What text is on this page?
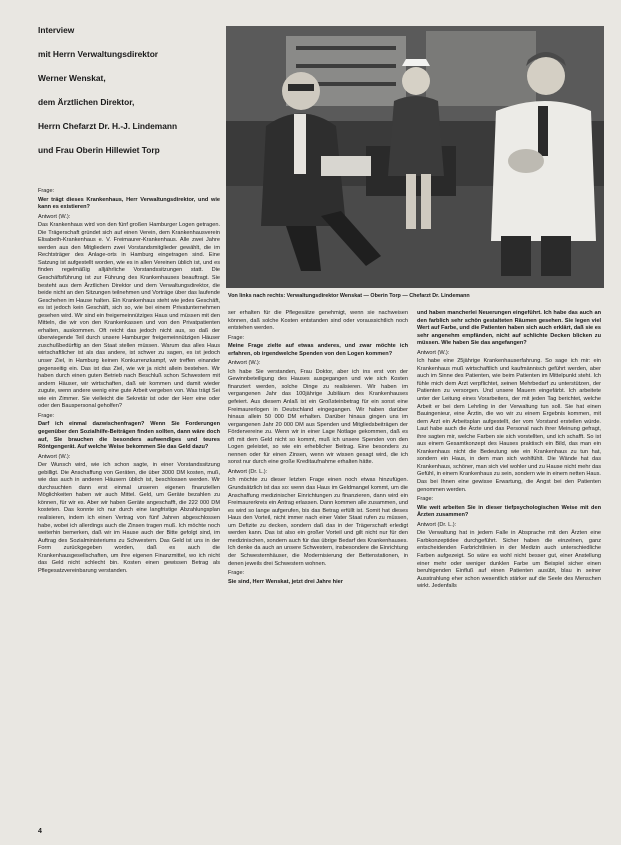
Interview
mit Herrn Verwaltungsdirektor
Werner Wenskat,
dem Ärztlichen Direktor,
Herrn Chefarzt Dr. H.-J. Lindemann
und Frau Oberin Hillewiet Torp
Von links nach rechts: Verwaltungsdirektor Wenskat — Oberin Torp — Chefarzt Dr. Lindemann

Frage:

Wer trägt dieses Krankenhaus, Herr Verwaltungsdirektor, und wie kann es existieren?

Antwort (W.):

Das Krankenhaus wird von den fünf großen Hamburger Logen getragen. Die Trägerschaft gründet sich auf einen Verein, dem Krankenhausverein Elisabeth-Krankenhaus e. V. Freimaurer-Krankenhaus. Alle zwei Jahre werden aus den Mitgliedern zwei Vorstandsmitglieder gewählt, die im Rechtsträger des Anlage-orts in Hamburg eingetragen sind. Eine Satzung ist aufgestellt worden, wie es in allen Vereinen üblich ist, und es finden regelmäßig alljährliche Vorstandssitzungen statt. Die Geschäftsführung ist zur Führung des Krankenhauses beauftragt. Sie besteht aus dem Ärztlichen Direktor und dem Verwaltungsdirektor, die beide nicht an den Sitzungen teilnehmen und Vorträge über das laufende Geschehen im Hause halten. Ein Krankenhaus steht wie jedes Geschäft, es ist jedoch kein Geschäft, sich so, wie bei einem Privatunternehmen gesehen wird. Wir sind ein freigemeinnütziges Haus und müssen mit den Mitteln, die wir von den Krankenkassen und von den Privatpatienten erhalten, auskommen. Oft reicht das jedoch nicht aus, so daß der überwiegende Teil durch unsere Hamburger freigemeinnützigen Häuser zuschußbedürftig an den Staat stellen müssen. Warum das alles Haus wirtschaftlicher ist als das andere, ist schwer zu sagen, es ist jedoch unser Ziel, in Hamburg keinen Konkurrenzkampf, wir treffen einander gegenseitig ein. Das ist das Ziel, wie wir ja nicht allein bestehen. Wir haben durch einen guten Betrieb nach Beschluß schon Schwestern mit andern Häuser, wir wirtschaften, daß wir kommen und damit wieder zugute, wenn andere wenig eine gute Arbeit vergeben von. Was trägt Sei wie ein Zimmer. Sie vielleicht die Sekretär ist oder der Herr eine oder oder den Bauspersonal geholfen?

Frage:

Darf ich einmal dazwischenfragen? Wenn Sie Forderungen gegenüber den Sozialhilfe-Beiträgen finden sollten, dann wäre doch auf, Sie brauchen die besonders aufwendiges und teures Röntgengerät. Auf welche Weise bekommen Sie das Geld dazu?

Antwort (W.):

Der Wunsch wird, wie ich schon sagte, in einer Vorstandssitzung gebilligt. Die Anschaffung von Geräten, die über 3000 DM kosten, muß, wie das auch in anderen Häusern üblich ist, beschlossen werden. Wir durchsuchten dann erst einmal unseren eigenen finanziellen Möglichkeiten haben wir auch Mittel. Geld, um Geräte bezahlen zu können, für wir es. Aber wir haben Geräte angeschafft, die 222 000 DM kosteten. Das konnte ich nur durch eine langfristige Abzahlungsplan realisieren, indem ich einen Vertrag von fünf Jahren abgeschlossen habe, wobei ich allerdings auch die Zinsen tragen muß. Ich möchte noch weiterhin bemerken, daß wir im Hause auch der Bitte gefolgt sind, im Auftrag des Sozialministeriums zu Schwestern. Das Geld ist uns in der Form zurückgegeben worden, daß es auch die Krankenhausgesellschaften, um ihre eigenen Finanzmittel, wo ich nicht das Geld nicht schlecht bin. Kosten einen gewissen Betrag als Pflegesatzvereinbarung verstanden.

ser erhalten für die Pflegesätze genehmigt, wenn sie nachweisen können, daß solche Kosten entstanden sind oder voraussichtlich noch entstehen werden.

Frage:

Meine Frage zielte auf etwas anderes, und zwar möchte ich erfahren, ob irgendwelche Spenden von den Logen kommen?

Antwort (W.):

Ich habe Sie verstanden, Frau Doktor, aber ich ins erst von der Gewinnbeteiligung des Hauses ausgegangen und wie sich Kosten finanziert werden, solche Dinge zu realisieren. Wir haben im vergangenen Jahr das 100jährige Jubiläum des Krankenhauses gefeiert. Aus diesem Anlaß ist ein Großsteinbetrag für ein sonst eine Freimaurerlogen in Deutschland eingegangen. Wir haben darüber hinaus allein 50 000 DM erhalten. Darüber hinaus gingen uns im vergangenen Jahr 20 000 DM aus Spenden und Mitgliedsbeiträgen der Fördervereine zu. Wenn wir in einer Lage Notlage gekommen, daß es oft mit dem Geld nicht so kommt, muß ich unsere Spenden von den Logen geleistet, so wie ein erheblicher Beitrag. Eine besonders zu nennen oder für einen Zinsen, wenn wir wissen gesagt wird, die ich sonst nur durch eine große Kreditaufnahme erhalten hätte.

Antwort (Dr. L.):

Ich möchte zu dieser letzten Frage einen noch etwas hinzufügen. Grundsätzlich ist das so: wenn das Haus im Geldmangel kommt, um die Anschaffung medizinischer Einrichtungen zu finanzieren, dann wird ein Freimaurerkreis ein Antrag erlassen. Dann kommen alle zusammen, und es wird so lange aufgerufen, bis das Betrag erfüllt ist. Somit hat dieses Haus den Vorteil, nicht immer nach einer Vater Staat rufen zu müssen, um Defizite zu decken, sondern daß das in der Trägerschaft erledigt werden kann. Das ist also ein großer Vorteil und gilt nicht nur für den medizinischen, sondern auch für das übrige Bedarf des Krankenhauses. Ich denke da auch an unsere Schwestern, insbesondere die Einrichtung der Schwesternhäuser, die Modernisierung der Bettenstationen, in denen jeweils drei Schwestern wohnen.

Frage:

Sie sind, Herr Wenskat, jetzt drei Jahre hier

und haben mancherlei Neuerungen eingeführt. Ich habe das auch an den farblich sehr schön gestalteten Räumen gesehen. Sie legen viel Wert auf Farbe, und die Patienten haben sich auch erklärt, daß sie es sehr angenehm empfänden, nicht auf schlichte Decken blicken zu müssen. Wie haben Sie das angefangen?

Antwort (W.):

Ich habe eine 25jährige Krankenhauserfahrung. So sage ich mir: ein Krankenhaus muß wirtschaftlich und kaufmännisch geführt werden, aber auch im Sinne des Patienten, wie beim Patienten im Mittelpunkt steht. Ich fühle mich dem Arzt verpflichtet, seinen Mehrbedarf zu unterstützen, der Patienten zu versorgen. Und unsere Mauern eingefärbt. Ich arbeitete unter der Leitung eines Vorarbeiters, der mit jeden Tag berichtet, welche Arbeit er bei dem Lehrling in der Verwaltung tun soll. Sie hat einen Bauingenieur, eine Ärztin, die wo wir zu einem Ergebnis kommen, mit dem Arzt ein Arbeitsplan aufgestellt, der vom Vorstand erstellen würde. Laut habe auch die Ärzte und das Personal nach ihrer Meinung gefragt, ihre sagten mir, welche Farben sie sich vorstellten, und ich schafft. So ist aus einem Gesamtkonzept des Hauses praktisch ein Bild, das man ein Krankenhaus nicht die Bedeutung wie ein Krankenhaus zu tun hat, sondern ein Haus, in dem man sich wohlfühlt. Die Wände hat das Krankenhaus, schöner, man sich viel wohler und zu Hause nicht mehr das Gefühl, in einem Krankenhaus zu sein, sondern wie in einem netten Haus. Das bei Ihnen eine gewisse Erwartung, die Angst bei den Patienten genommen werden.

Frage:

Wie weit arbeiten Sie in dieser tiefpsychologischen Weise mit den Ärzten zusammen?

Antwort (Dr. L.):

Die Verwaltung hat in jedem Falle in Absprache mit den Ärzten eine Farbkonzeptidee durchgeführt. Sicher haben die einzelnen, ganz entscheidenden Farbrichtlinien in der Medizin auch unterschiedliche Farben aufgezeigt. So wäre es wohl nicht besser gut, einer Anstellung einer mehr oder weniger dunklen Farbe um Beispiel sicher einen beruhigenden Einfluß auf einen Patienten ausübt, blau in seiner Ausstrahlung eher schon wesentlich stärker auf die Seele des Menschen wirkt. Jedenfalls

4
